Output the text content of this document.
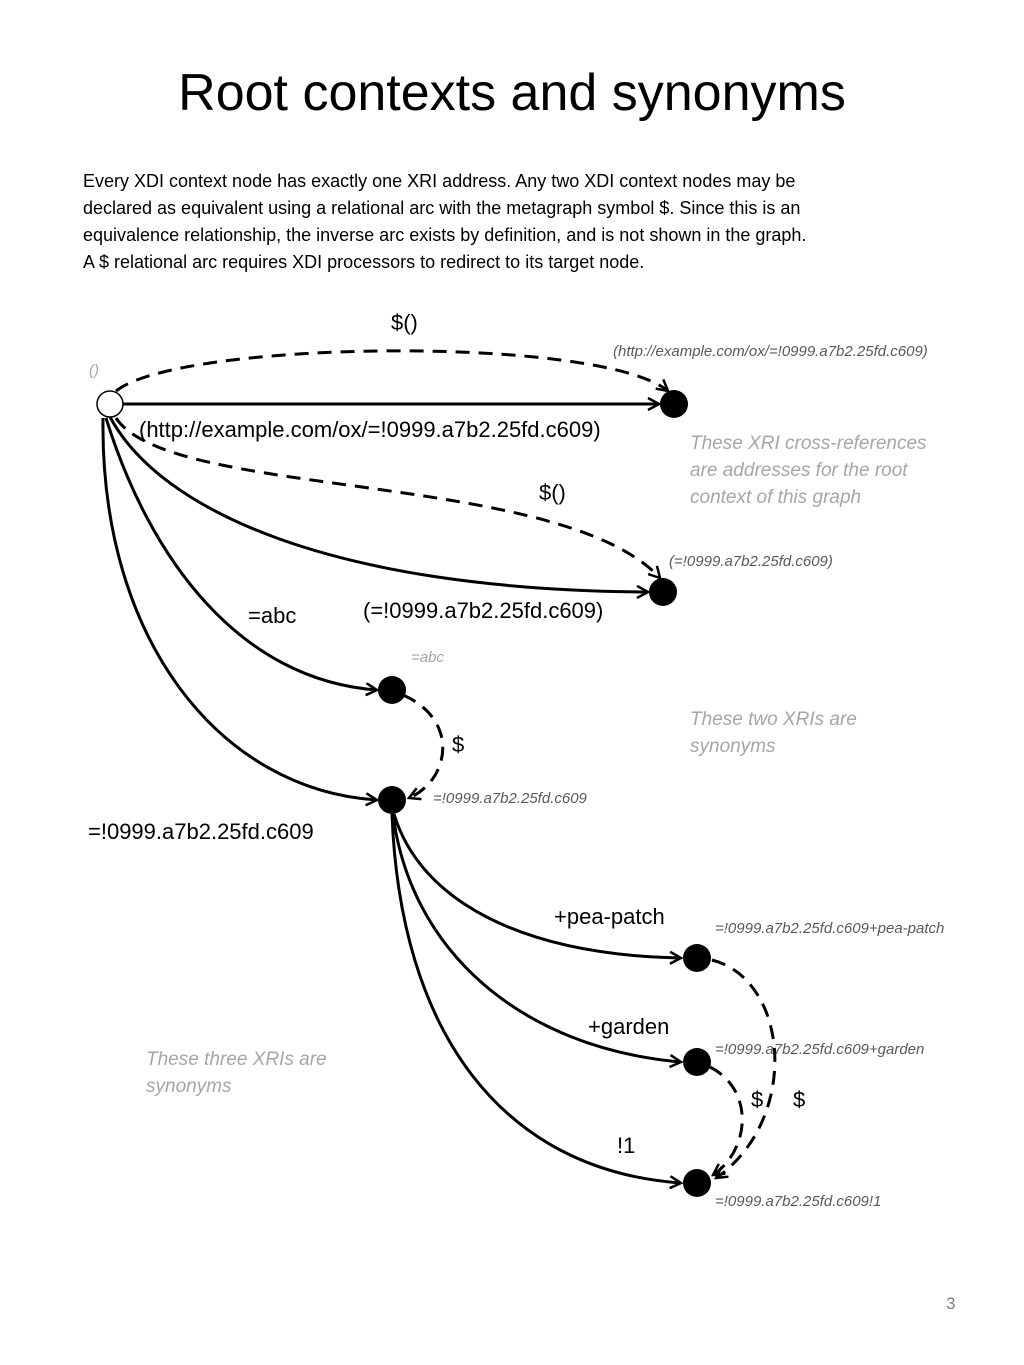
Root contexts and synonyms

Every XDI context node has exactly one XRI address. Any two XDI context nodes may be
declared as equivalent using a relational arc with the metagraph symbol $. Since this is an
equivalence relationship, the inverse arc exists by definition, and is not shown in the graph.
A $ relational arc requires XDI processors to redirect to its target node.

$()
(http://example.com/ox/=!0999.a7b2.25fd.c609)
$()
(=!0999.a7b2.25fd.c609)
=abc
$
=!0999.a7b2.25fd.c609
+pea-patch
+garden
!1
$ $
()
(http://example.com/ox/=!0999.a7b2.25fd.c609)
(=!0999.a7b2.25fd.c609)
=abc
=!0999.a7b2.25fd.c609
=!0999.a7b2.25fd.c609+pea-patch
=!0999.a7b2.25fd.c609+garden
=!0999.a7b2.25fd.c609!1
These XRI cross-references
are addresses for the root
context of this graph
These two XRIs are
synonyms
These three XRIs are
synonyms
3
